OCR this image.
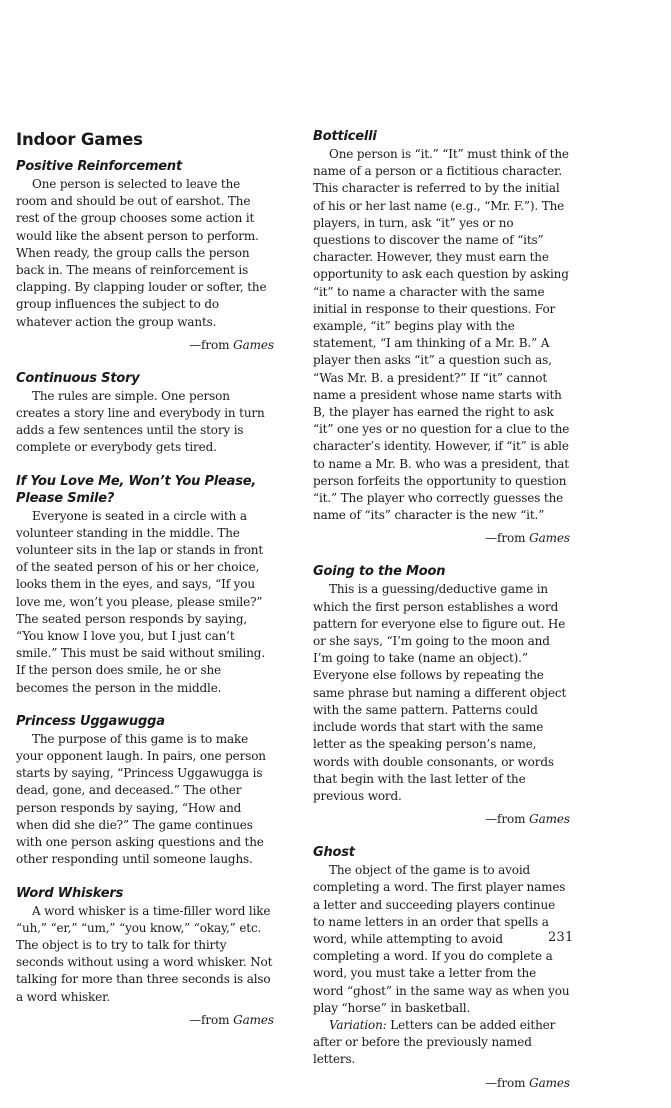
Indoor Games
Positive Reinforcement

One person is selected to leave the room and should be out of earshot. The rest of the group chooses some action it would like the absent person to perform. When ready, the group calls the person back in. The means of reinforcement is clapping. By clapping louder or softer, the group influences the subject to do whatever action the group wants.

—from Games
Continuous Story

The rules are simple. One person creates a story line and everybody in turn adds a few sentences until the story is complete or everybody gets tired.

If You Love Me, Won’t You Please, Please Smile?

Everyone is seated in a circle with a volunteer standing in the middle. The volunteer sits in the lap or stands in front of the seated person of his or her choice, looks them in the eyes, and says, “If you love me, won’t you please, please smile?” The seated person responds by saying, “You know I love you, but I just can’t smile.” This must be said without smiling. If the person does smile, he or she becomes the person in the middle.

Princess Uggawugga

The purpose of this game is to make your opponent laugh. In pairs, one person starts by saying, “Princess Uggawugga is dead, gone, and deceased.” The other person responds by saying, “How and when did she die?” The game continues with one person asking questions and the other responding until someone laughs.

Word Whiskers

A word whisker is a time-filler word like “uh,” “er,” “um,” “you know,” “okay,” etc. The object is to try to talk for thirty seconds without using a word whisker. Not talking for more than three seconds is also a word whisker.

—from Games
Botticelli

One person is “it.” “It” must think of the name of a person or a fictitious character. This character is referred to by the initial of his or her last name (e.g., “Mr. F.”). The players, in turn, ask “it” yes or no questions to discover the name of “its” character. However, they must earn the opportunity to ask each question by asking “it” to name a character with the same initial in response to their questions. For example, “it” begins play with the statement, “I am thinking of a Mr. B.” A player then asks “it” a question such as, “Was Mr. B. a president?” If “it” cannot name a president whose name starts with B, the player has earned the right to ask “it” one yes or no question for a clue to the character’s identity. However, if “it” is able to name a Mr. B. who was a president, that person forfeits the opportunity to question “it.” The player who correctly guesses the name of “its” character is the new “it.”

—from Games
Going to the Moon

This is a guessing/deductive game in which the first person establishes a word pattern for everyone else to figure out. He or she says, “I’m going to the moon and I’m going to take (name an object).” Everyone else follows by repeating the same phrase but naming a different object with the same pattern. Patterns could include words that start with the same letter as the speaking person’s name, words with double consonants, or words that begin with the last letter of the previous word.

—from Games
Ghost

The object of the game is to avoid completing a word. The first player names a letter and succeeding players continue to name letters in an order that spells a word, while attempting to avoid completing a word. If you do complete a word, you must take a letter from the word “ghost” in the same way as when you play “horse” in basketball.

Variation: Letters can be added either after or before the previously named letters.

—from Games
231
